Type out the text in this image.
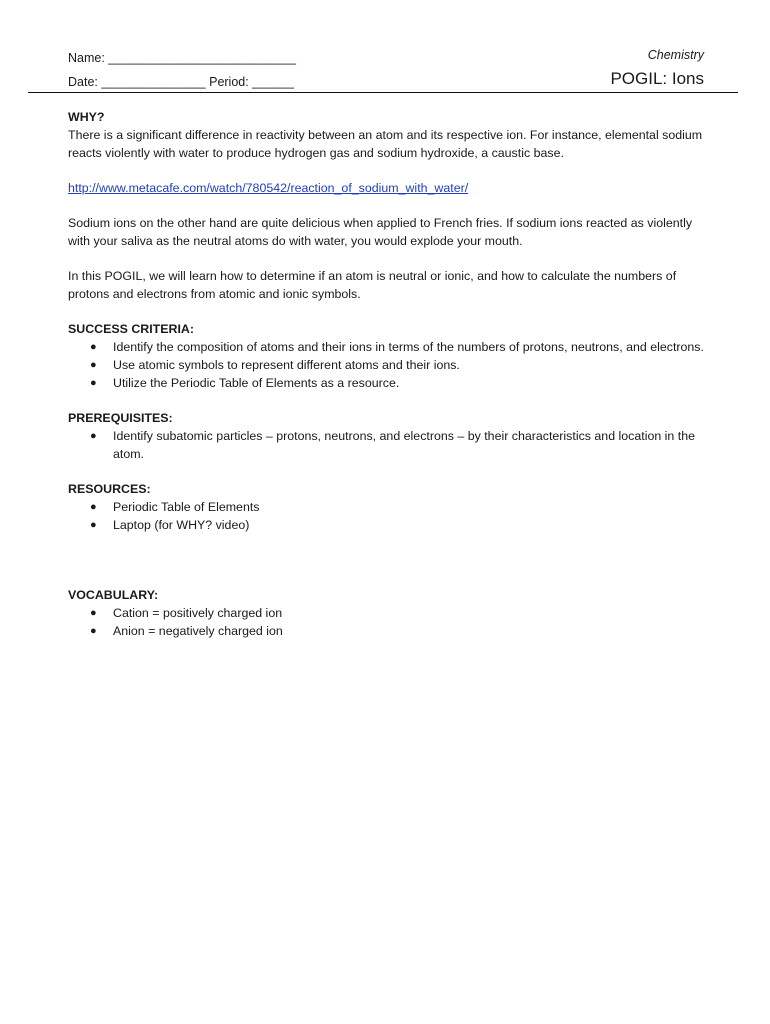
Name: ___________________________
Date: _______________ Period: ______
Chemistry
POGIL: Ions

WHY?

There is a significant difference in reactivity between an atom and its respective ion. For instance, elemental sodium reacts violently with water to produce hydrogen gas and sodium hydroxide, a caustic base.

http://www.metacafe.com/watch/780542/reaction_of_sodium_with_water/

Sodium ions on the other hand are quite delicious when applied to French fries. If sodium ions reacted as violently with your saliva as the neutral atoms do with water, you would explode your mouth.

In this POGIL, we will learn how to determine if an atom is neutral or ionic, and how to calculate the numbers of protons and electrons from atomic and ionic symbols.

SUCCESS CRITERIA:

● Identify the composition of atoms and their ions in terms of the numbers of protons, neutrons, and electrons.
● Use atomic symbols to represent different atoms and their ions.
● Utilize the Periodic Table of Elements as a resource.

PREREQUISITES:

● Identify subatomic particles – protons, neutrons, and electrons – by their characteristics and location in the atom.

RESOURCES:

● Periodic Table of Elements
● Laptop (for WHY? video)

VOCABULARY:

● Cation = positively charged ion
● Anion = negatively charged ion
